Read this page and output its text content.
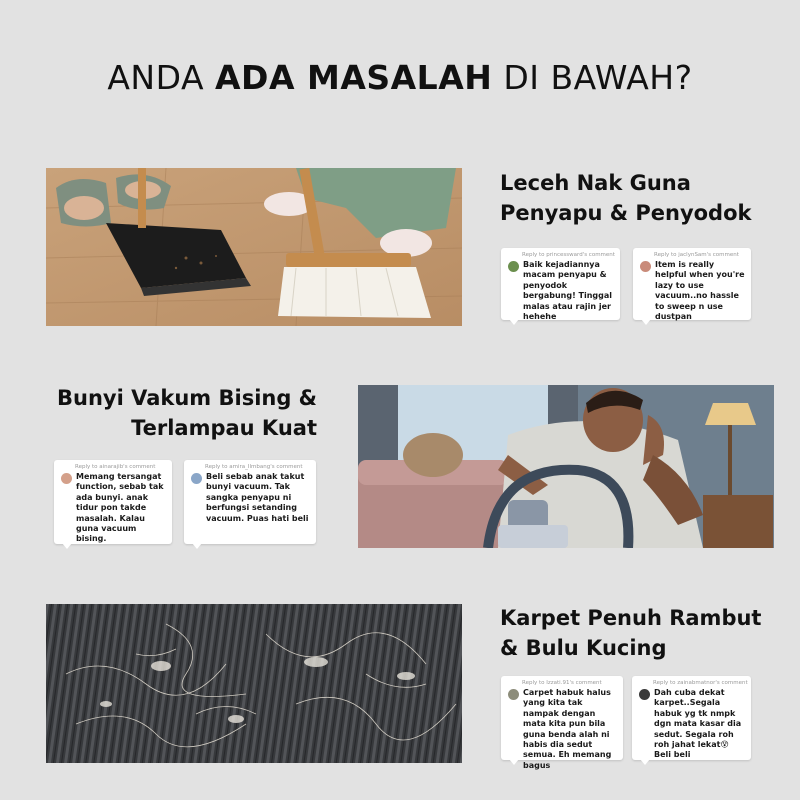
ANDA ADA MASALAH DI BAWAH?
Leceh Nak Guna
Penyapu & Penyodok
Reply to princessward's comment
Baik kejadiannya macam penyapu & penyodok bergabung! Tinggal malas atau rajin jer hehehe
Reply to jaclynSam's comment
Item is really helpful when you're lazy to use vacuum..no hassle to sweep n use dustpan
Bunyi Vakum Bising &
Terlampau Kuat
Reply to ainarajib's comment
Memang tersangat function, sebab tak ada bunyi. anak tidur pon takde masalah. Kalau guna vacuum bising.
Reply to amira_Ilmbang's comment
Beli sebab anak takut bunyi vacuum. Tak sangka penyapu ni berfungsi setanding vacuum. Puas hati beli
Karpet Penuh Rambut
& Bulu Kucing
Reply to Izzati.91's comment
Carpet habuk halus yang kita tak nampak dengan mata kita pun bila guna benda alah ni habis dia sedut semua. Eh memang bagus
Reply to zainabmatnor's comment
Dah cuba dekat karpet..Segala habuk yg tk nmpk dgn mata kasar dia sedut. Segala roh roh jahat lekat😵 Beli beli
